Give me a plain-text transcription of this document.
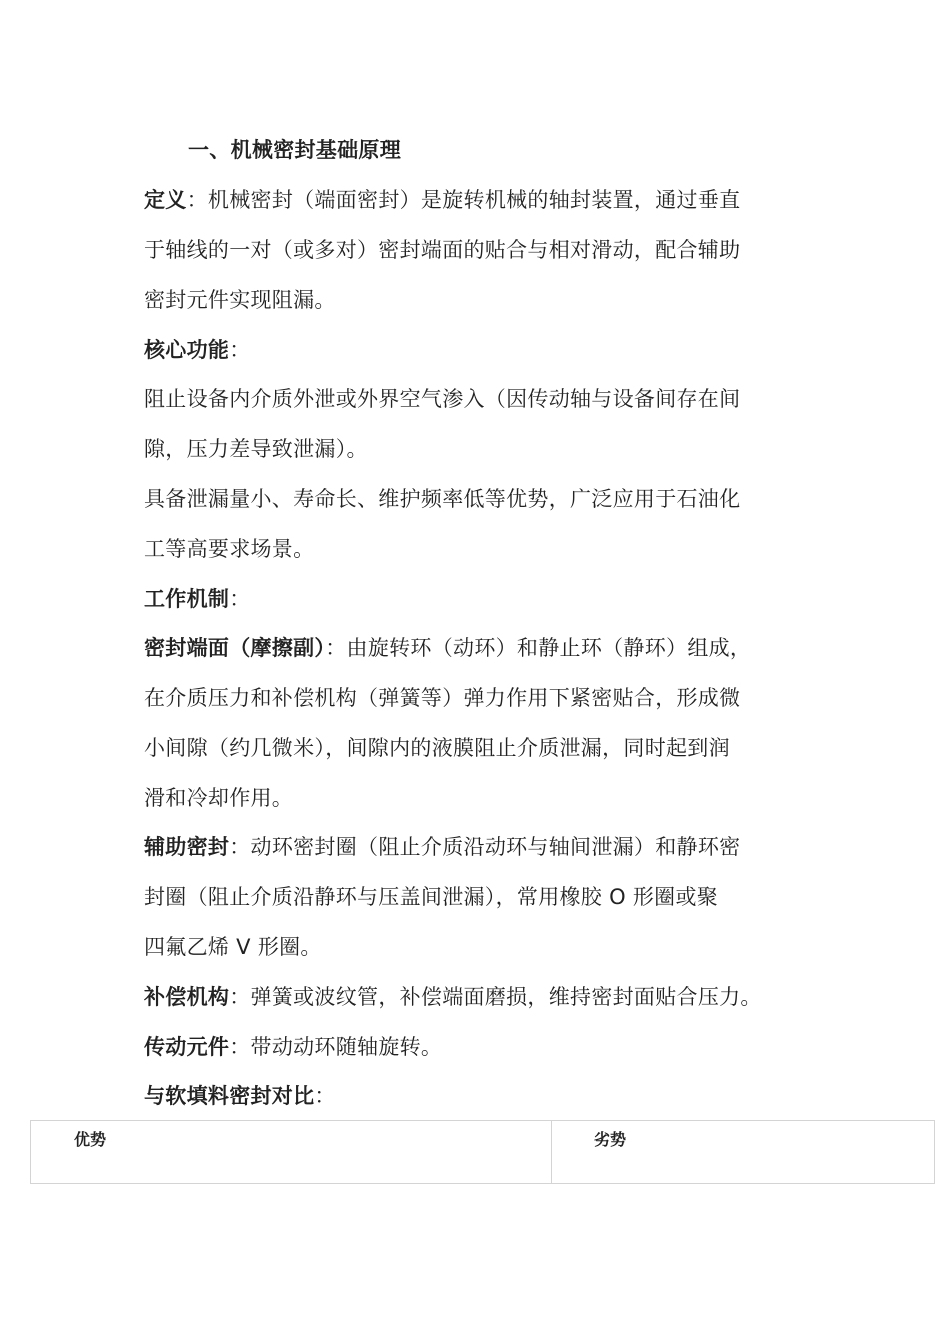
一、机械密封基础原理
定义：机械密封（端面密封）是旋转机械的轴封装置，通过垂直
于轴线的一对（或多对）密封端面的贴合与相对滑动，配合辅助
密封元件实现阻漏。
核心功能：
阻止设备内介质外泄或外界空气渗入（因传动轴与设备间存在间
隙，压力差导致泄漏）。
具备泄漏量小、寿命长、维护频率低等优势，广泛应用于石油化
工等高要求场景。
工作机制：
密封端面（摩擦副）：由旋转环（动环）和静止环（静环）组成，
在介质压力和补偿机构（弹簧等）弹力作用下紧密贴合，形成微
小间隙（约几微米），间隙内的液膜阻止介质泄漏，同时起到润
滑和冷却作用。
辅助密封：动环密封圈（阻止介质沿动环与轴间泄漏）和静环密
封圈（阻止介质沿静环与压盖间泄漏），常用橡胶 O 形圈或聚
四氟乙烯 V 形圈。
补偿机构：弹簧或波纹管，补偿端面磨损，维持密封面贴合压力。
传动元件：带动动环随轴旋转。
与软填料密封对比：
优势	劣势
